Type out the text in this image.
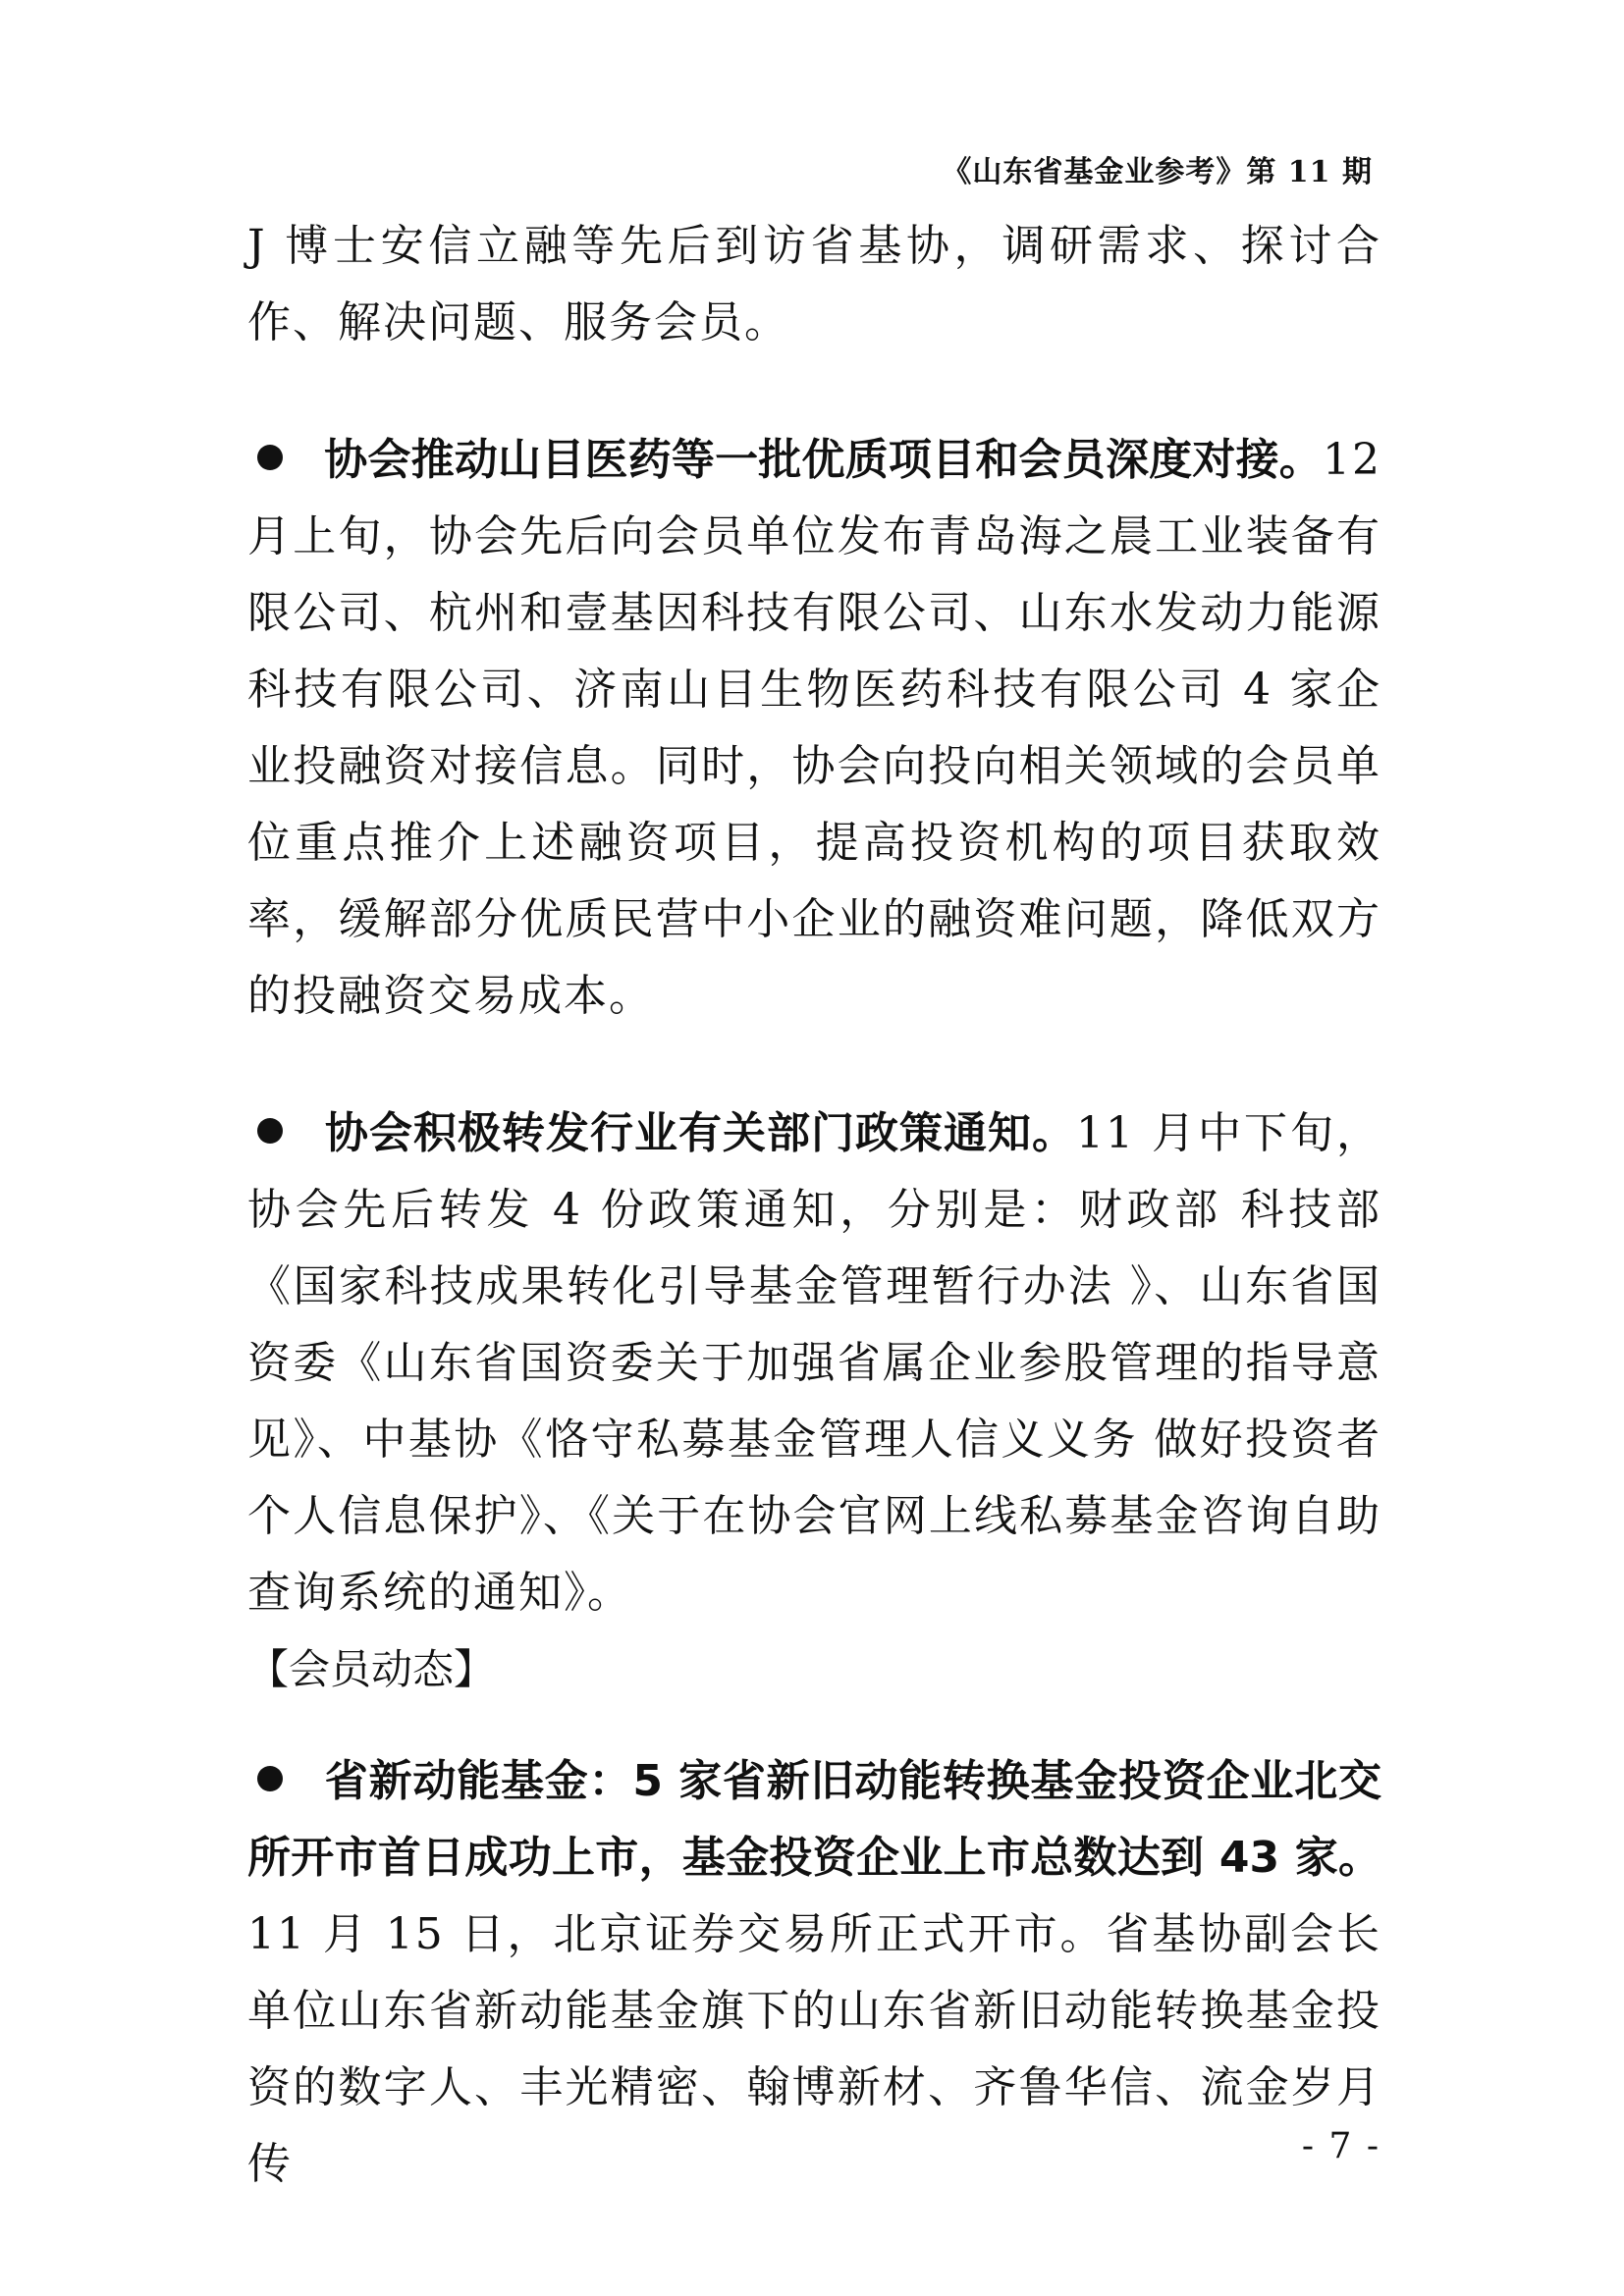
《山东省基金业参考》第 11 期

J 博士安信立融等先后到访省基协，调研需求、探讨合作、解决问题、服务会员。

协会推动山目医药等一批优质项目和会员深度对接。12 月上旬，协会先后向会员单位发布青岛海之晨工业装备有限公司、杭州和壹基因科技有限公司、山东水发动力能源科技有限公司、济南山目生物医药科技有限公司 4 家企业投融资对接信息。同时，协会向投向相关领域的会员单位重点推介上述融资项目，提高投资机构的项目获取效率，缓解部分优质民营中小企业的融资难问题，降低双方的投融资交易成本。

协会积极转发行业有关部门政策通知。11 月中下旬，协会先后转发 4 份政策通知，分别是：财政部 科技部《国家科技成果转化引导基金管理暂行办法 》、山东省国资委《山东省国资委关于加强省属企业参股管理的指导意见》、中基协《恪守私募基金管理人信义义务 做好投资者个人信息保护》、《关于在协会官网上线私募基金咨询自助查询系统的通知》。

【会员动态】

省新动能基金：5 家省新旧动能转换基金投资企业北交所开市首日成功上市，基金投资企业上市总数达到 43 家。11 月 15 日，北京证券交易所正式开市。省基协副会长单位山东省新动能基金旗下的山东省新旧动能转换基金投资的数字人、丰光精密、翰博新材、齐鲁华信、流金岁月传	- 7 -
